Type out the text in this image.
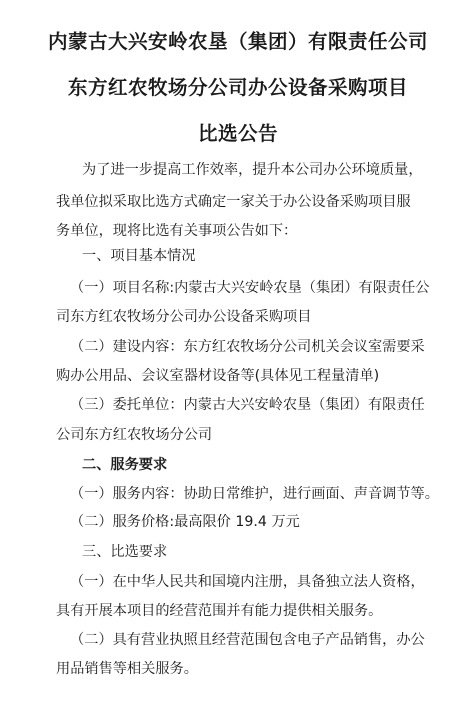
内蒙古大兴安岭农垦（集团）有限责任公司
东方红农牧场分公司办公设备采购项目
比选公告
为了进一步提高工作效率，提升本公司办公环境质量，
我单位拟采取比选方式确定一家关于办公设备采购项目服
务单位，现将比选有关事项公告如下：
一、项目基本情况
（一）项目名称:内蒙古大兴安岭农垦（集团）有限责任公
司东方红农牧场分公司办公设备采购项目
（二）建设内容：东方红农牧场分公司机关会议室需要采
购办公用品、会议室器材设备等(具体见工程量清单)
（三）委托单位：内蒙古大兴安岭农垦（集团）有限责任
公司东方红农牧场分公司
二、服务要求
（一）服务内容：协助日常维护，进行画面、声音调节等。
（二）服务价格:最高限价 19.4 万元
三、比选要求
（一）在中华人民共和国境内注册，具备独立法人资格，
具有开展本项目的经营范围并有能力提供相关服务。
（二）具有营业执照且经营范围包含电子产品销售，办公
用品销售等相关服务。
